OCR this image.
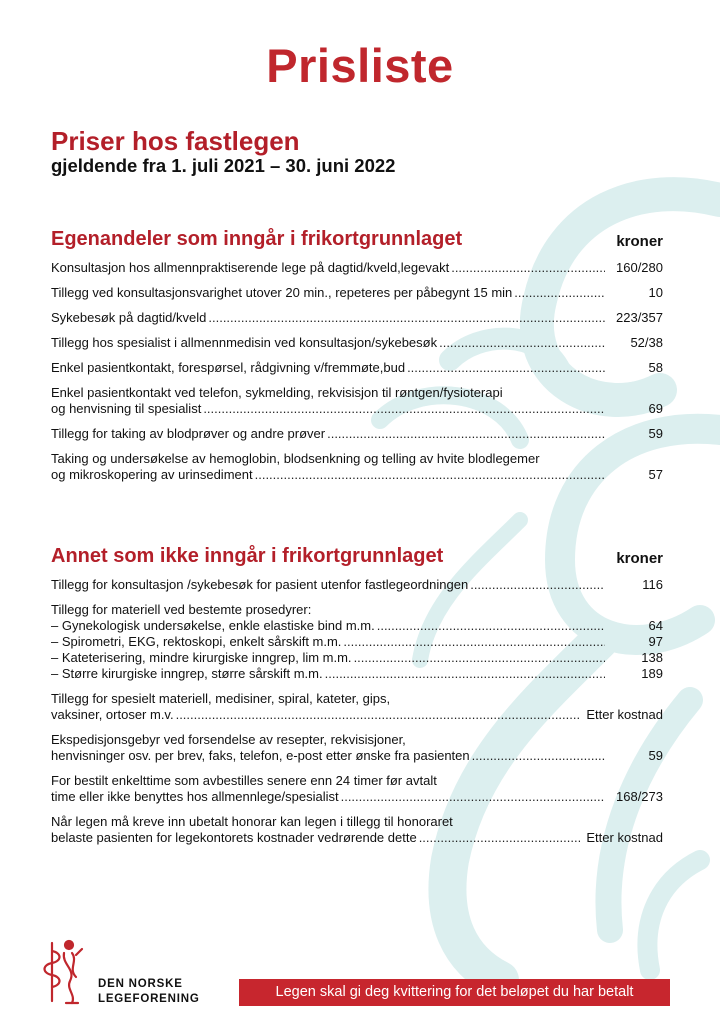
Prisliste
Priser hos fastlegen
gjeldende fra 1. juli 2021 – 30. juni 2022
Egenandeler som inngår i frikortgrunnlaget	kroner
Konsultasjon hos allmennpraktiserende lege på dagtid/kveld,legevakt .....	160/280
Tillegg ved konsultasjonsvarighet utover 20 min., repeteres per påbegynt 15 min .....	10
Sykebesøk på dagtid/kveld .....	223/357
Tillegg hos spesialist i allmennmedisin ved konsultasjon/sykebesøk .....	52/38
Enkel pasientkontakt, forespørsel, rådgivning v/fremmøte,bud .....	58
Enkel pasientkontakt ved telefon, sykmelding, rekvisisjon til røntgen/fysioterapi
og henvisning til spesialist .....	69
Tillegg for taking av blodprøver og andre prøver .....	59
Taking og undersøkelse av hemoglobin, blodsenkning og telling av hvite blodlegemer
og mikroskopering av urinsediment .....	57
Annet som ikke inngår i frikortgrunnlaget	kroner
Tillegg for konsultasjon /sykebesøk for pasient utenfor fastlegeordningen .....	116
Tillegg for materiell ved bestemte prosedyrer:
– Gynekologisk undersøkelse, enkle elastiske bind m.m. .....	64
– Spirometri, EKG, rektoskopi, enkelt sårskift m.m. .....	97
– Kateterisering, mindre kirurgiske inngrep, lim m.m. .....	138
– Større kirurgiske inngrep, større sårskift m.m. .....	189
Tillegg for spesielt materiell, medisiner, spiral, kateter, gips,
vaksiner, ortoser m.v. .....	Etter kostnad
Ekspedisjonsgebyr ved forsendelse av resepter, rekvisisjoner,
henvisninger osv. per brev, faks, telefon, e-post etter ønske fra pasienten .....	59
For bestilt enkelttime som avbestilles senere enn 24 timer før avtalt
time eller ikke benyttes hos allmennlege/spesialist .....	168/273
Når legen må kreve inn ubetalt honorar kan legen i tillegg til honoraret
belaste pasienten for legekontorets kostnader vedrørende dette .....	Etter kostnad
DEN NORSKE
LEGEFORENING	Legen skal gi deg kvittering for det beløpet du har betalt
